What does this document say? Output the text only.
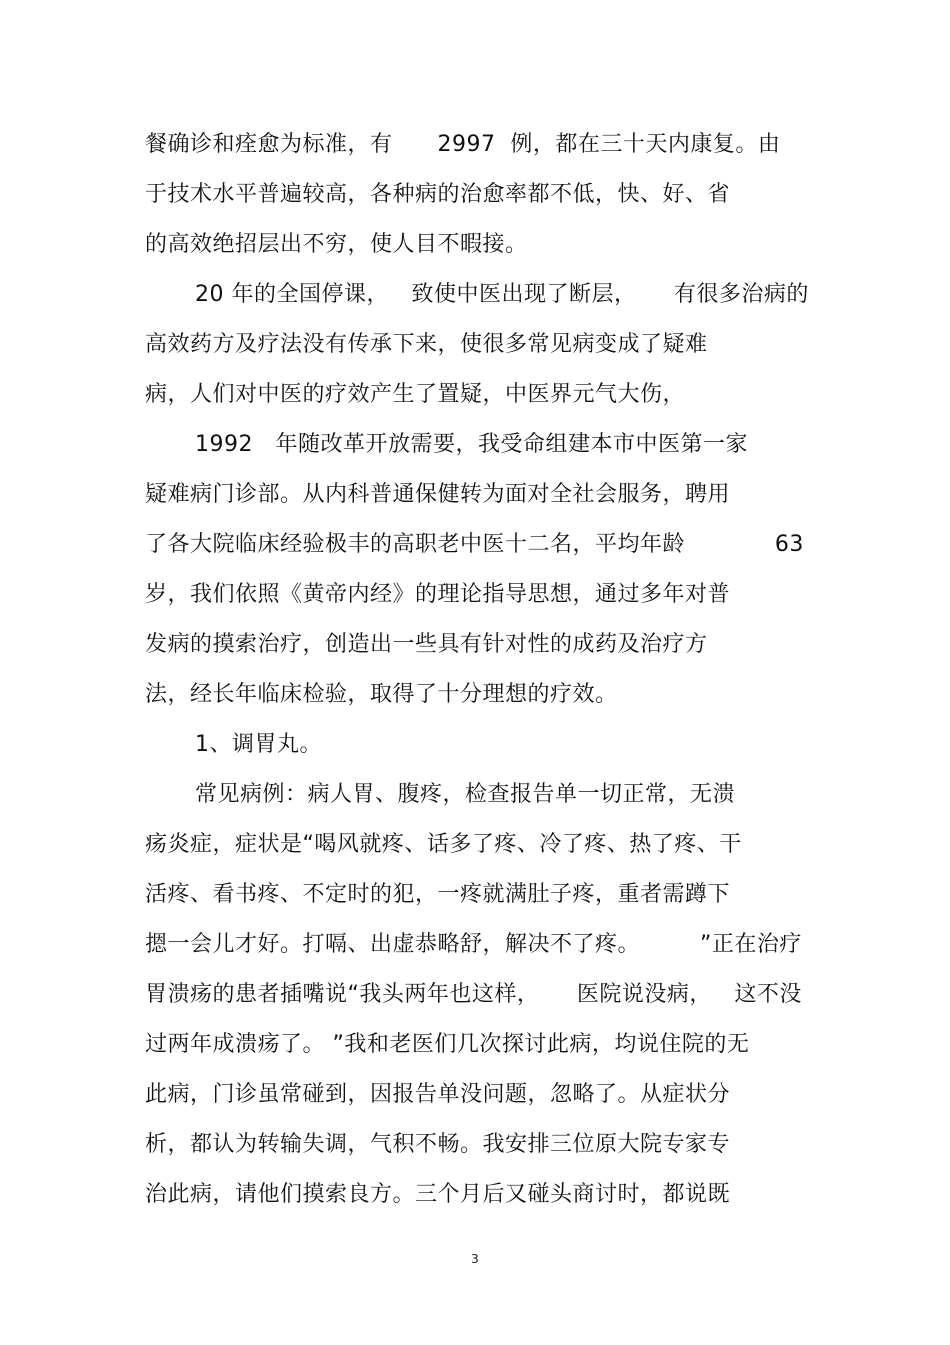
餐确诊和痊愈为标准，有      2997  例，都在三十天内康复。由
于技术水平普遍较高，各种病的治愈率都不低，快、好、省
的高效绝招层出不穷，使人目不暇接。
20 年的全国停课，   致使中医出现了断层，     有很多治病的
高效药方及疗法没有传承下来，使很多常见病变成了疑难
病，人们对中医的疗效产生了置疑，中医界元气大伤，
1992   年随改革开放需要，我受命组建本市中医第一家
疑难病门诊部。从内科普通保健转为面对全社会服务，聘用
了各大院临床经验极丰的高职老中医十二名，平均年龄            63
岁，我们依照《黄帝内经》的理论指导思想，通过多年对普
发病的摸索治疗，创造出一些具有针对性的成药及治疗方
法，经长年临床检验，取得了十分理想的疗效。
1、调胃丸。
常见病例：病人胃、腹疼，检查报告单一切正常，无溃
疡炎症，症状是“喝风就疼、话多了疼、冷了疼、热了疼、干
活疼、看书疼、不定时的犯，一疼就满肚子疼，重者需蹲下
摁一会儿才好。打嗝、出虚恭略舒，解决不了疼。        ”正在治疗
胃溃疡的患者插嘴说“我头两年也这样，     医院说没病，   这不没
过两年成溃疡了。 ”我和老医们几次探讨此病，均说住院的无
此病，门诊虽常碰到，因报告单没问题，忽略了。从症状分
析，都认为转输失调，气积不畅。我安排三位原大院专家专
治此病，请他们摸索良方。三个月后又碰头商讨时，都说既
3
